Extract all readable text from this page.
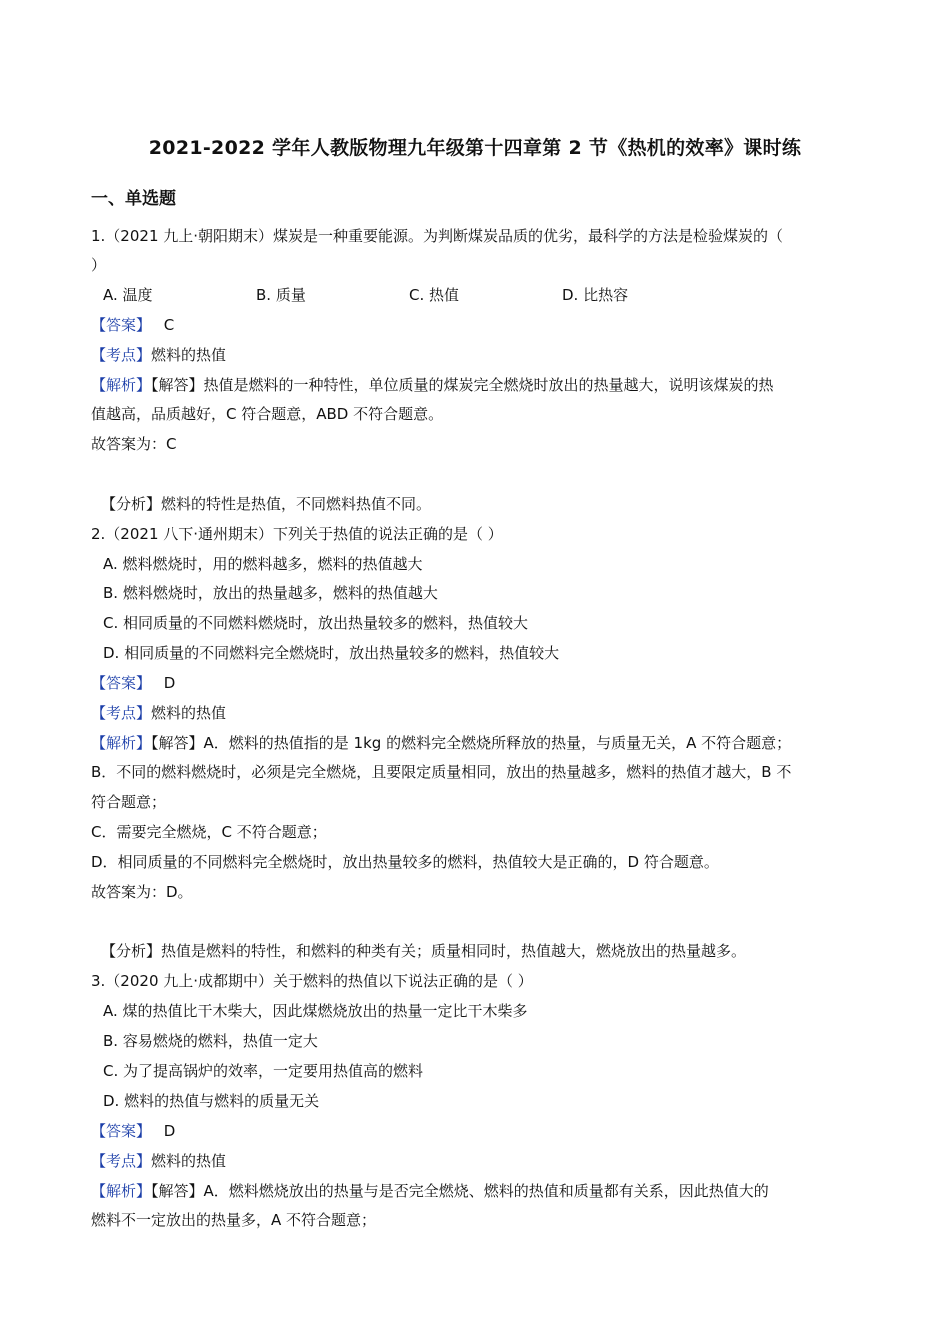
2021-2022 学年人教版物理九年级第十四章第 2 节《热机的效率》课时练
一、单选题
1.（2021 九上·朝阳期末）煤炭是一种重要能源。为判断煤炭品质的优劣，最科学的方法是检验煤炭的（
）
A. 温度	B. 质量	C. 热值	D. 比热容
【答案】 C
【考点】燃料的热值
【解析】【解答】热值是燃料的一种特性，单位质量的煤炭完全燃烧时放出的热量越大，说明该煤炭的热
值越高，品质越好，C 符合题意，ABD 不符合题意。
故答案为：C
【分析】燃料的特性是热值，不同燃料热值不同。
2.（2021 八下·通州期末）下列关于热值的说法正确的是（ ）
A. 燃料燃烧时，用的燃料越多，燃料的热值越大
B. 燃料燃烧时，放出的热量越多，燃料的热值越大
C. 相同质量的不同燃料燃烧时，放出热量较多的燃料，热值较大
D. 相同质量的不同燃料完全燃烧时，放出热量较多的燃料，热值较大
【答案】 D
【考点】燃料的热值
【解析】【解答】A．燃料的热值指的是 1kg 的燃料完全燃烧所释放的热量，与质量无关，A 不符合题意；
B．不同的燃料燃烧时，必须是完全燃烧，且要限定质量相同，放出的热量越多，燃料的热值才越大，B 不
符合题意；
C．需要完全燃烧，C 不符合题意；
D．相同质量的不同燃料完全燃烧时，放出热量较多的燃料，热值较大是正确的，D 符合题意。
故答案为：D。
【分析】热值是燃料的特性，和燃料的种类有关；质量相同时，热值越大，燃烧放出的热量越多。
3.（2020 九上·成都期中）关于燃料的热值以下说法正确的是（ ）
A. 煤的热值比干木柴大，因此煤燃烧放出的热量一定比干木柴多
B. 容易燃烧的燃料，热值一定大
C. 为了提高锅炉的效率，一定要用热值高的燃料
D. 燃料的热值与燃料的质量无关
【答案】 D
【考点】燃料的热值
【解析】【解答】A．燃料燃烧放出的热量与是否完全燃烧、燃料的热值和质量都有关系，因此热值大的
燃料不一定放出的热量多，A 不符合题意；
